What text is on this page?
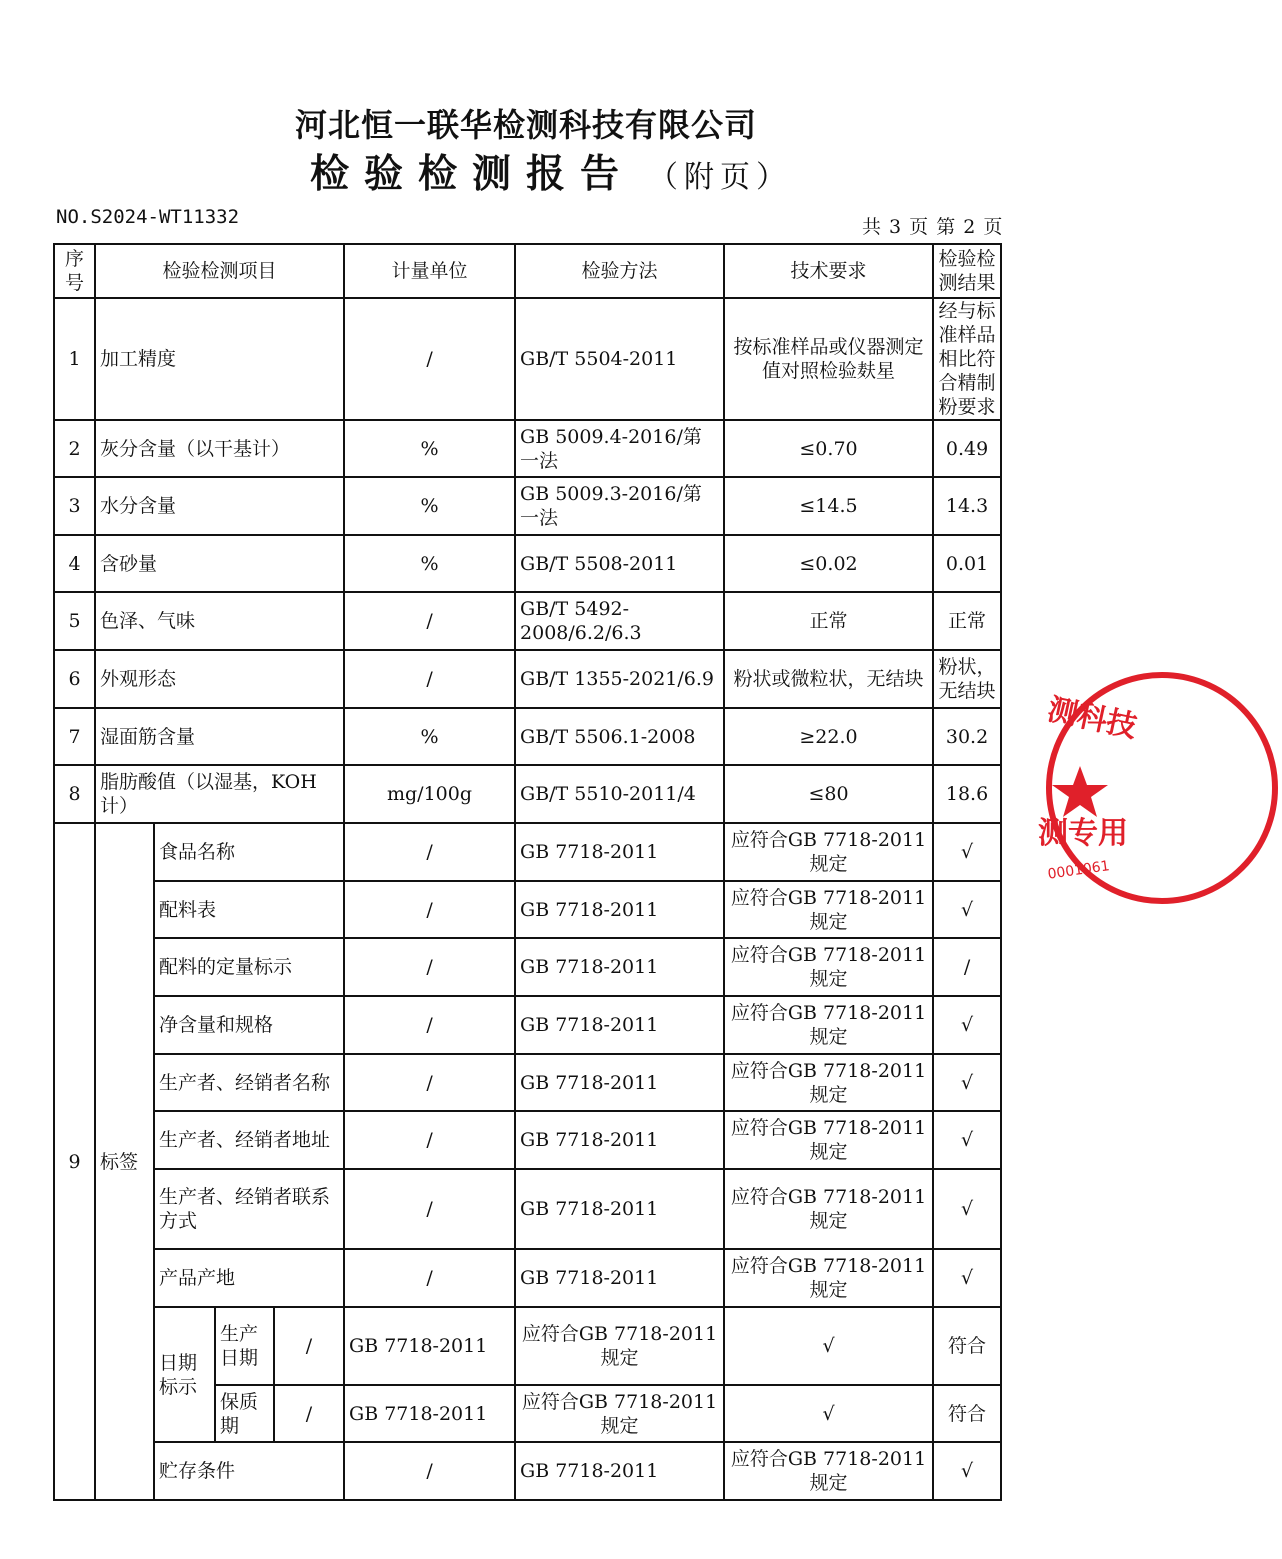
河北恒一联华检测科技有限公司
检验检测报告 （附页）
NO.S2024-WT11332	共 3 页 第 2 页
序号	检验检测项目				计量单位	检验方法	技术要求	检验检测结果	
1	加工精度				/	GB/T 5504-2011	按标准样品或仪器测定值对照检验麸星	经与标准样品相比符合精制粉要求	
2	灰分含量（以干基计）				%	GB 5009.4-2016/第一法	≤0.70	0.49	
3	水分含量				%	GB 5009.3-2016/第一法	≤14.5	14.3	
4	含砂量				%	GB/T 5508-2011	≤0.02	0.01	
5	色泽、气味				/	GB/T 5492-2008/6.2/6.3	正常	正常	
6	外观形态				/	GB/T 1355-2021/6.9	粉状或微粒状，无结块	粉状，无结块	
7	湿面筋含量				%	GB/T 5506.1-2008	≥22.0	30.2	
8	脂肪酸值（以湿基，KOH计）				mg/100g	GB/T 5510-2011/4	≤80	18.6	
9	标签	食品名称			/	GB 7718-2011	应符合GB 7718-2011规定	√	
		配料表			/	GB 7718-2011	应符合GB 7718-2011规定	√	
		配料的定量标示			/	GB 7718-2011	应符合GB 7718-2011规定	/	
		净含量和规格			/	GB 7718-2011	应符合GB 7718-2011规定	√	
		生产者、经销者名称			/	GB 7718-2011	应符合GB 7718-2011规定	√	
		生产者、经销者地址			/	GB 7718-2011	应符合GB 7718-2011规定	√	
		生产者、经销者联系方式			/	GB 7718-2011	应符合GB 7718-2011规定	√	
		产品产地			/	GB 7718-2011	应符合GB 7718-2011规定	√	
		日期标示	生产日期	/	GB 7718-2011	应符合GB 7718-2011规定	√	符合	
			保质期	/	GB 7718-2011	应符合GB 7718-2011规定	√	符合	
		贮存条件			/	GB 7718-2011	应符合GB 7718-2011规定	√	
测科技
测专用
0001061
